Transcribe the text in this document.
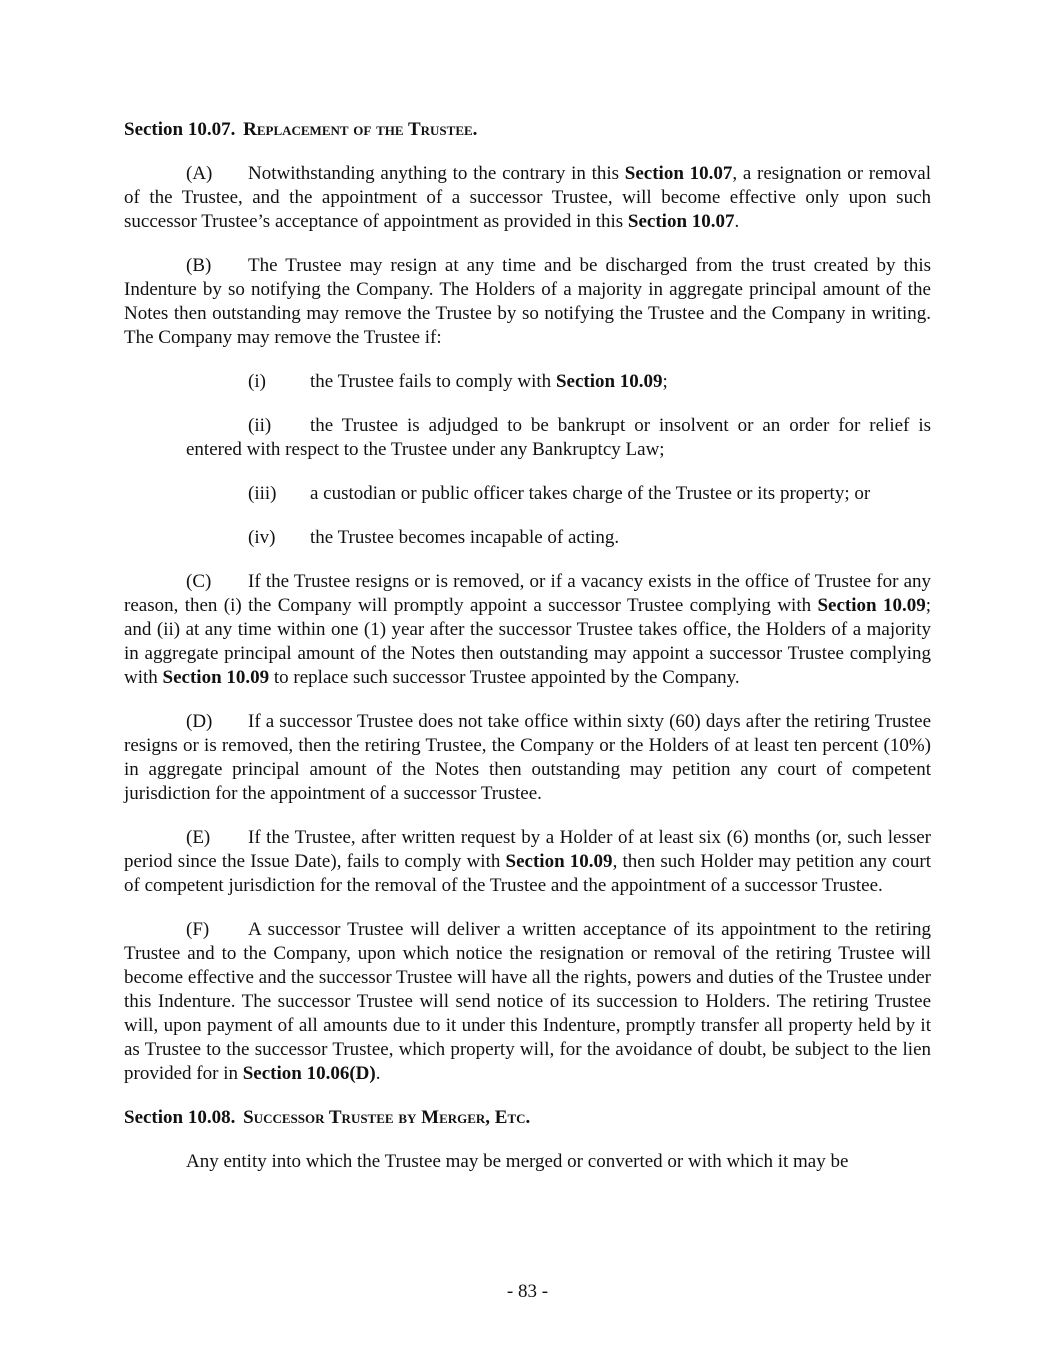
Section 10.07. Replacement of the Trustee.

(A) Notwithstanding anything to the contrary in this Section 10.07, a resignation or removal of the Trustee, and the appointment of a successor Trustee, will become effective only upon such successor Trustee’s acceptance of appointment as provided in this Section 10.07.

(B) The Trustee may resign at any time and be discharged from the trust created by this Indenture by so notifying the Company. The Holders of a majority in aggregate principal amount of the Notes then outstanding may remove the Trustee by so notifying the Trustee and the Company in writing. The Company may remove the Trustee if:

(i) the Trustee fails to comply with Section 10.09;

(ii) the Trustee is adjudged to be bankrupt or insolvent or an order for relief is entered with respect to the Trustee under any Bankruptcy Law;

(iii) a custodian or public officer takes charge of the Trustee or its property; or

(iv) the Trustee becomes incapable of acting.

(C) If the Trustee resigns or is removed, or if a vacancy exists in the office of Trustee for any reason, then (i) the Company will promptly appoint a successor Trustee complying with Section 10.09; and (ii) at any time within one (1) year after the successor Trustee takes office, the Holders of a majority in aggregate principal amount of the Notes then outstanding may appoint a successor Trustee complying with Section 10.09 to replace such successor Trustee appointed by the Company.

(D) If a successor Trustee does not take office within sixty (60) days after the retiring Trustee resigns or is removed, then the retiring Trustee, the Company or the Holders of at least ten percent (10%) in aggregate principal amount of the Notes then outstanding may petition any court of competent jurisdiction for the appointment of a successor Trustee.

(E) If the Trustee, after written request by a Holder of at least six (6) months (or, such lesser period since the Issue Date), fails to comply with Section 10.09, then such Holder may petition any court of competent jurisdiction for the removal of the Trustee and the appointment of a successor Trustee.

(F) A successor Trustee will deliver a written acceptance of its appointment to the retiring Trustee and to the Company, upon which notice the resignation or removal of the retiring Trustee will become effective and the successor Trustee will have all the rights, powers and duties of the Trustee under this Indenture. The successor Trustee will send notice of its succession to Holders. The retiring Trustee will, upon payment of all amounts due to it under this Indenture, promptly transfer all property held by it as Trustee to the successor Trustee, which property will, for the avoidance of doubt, be subject to the lien provided for in Section 10.06(D).

Section 10.08. Successor Trustee by Merger, Etc.

Any entity into which the Trustee may be merged or converted or with which it may be

- 83 -
